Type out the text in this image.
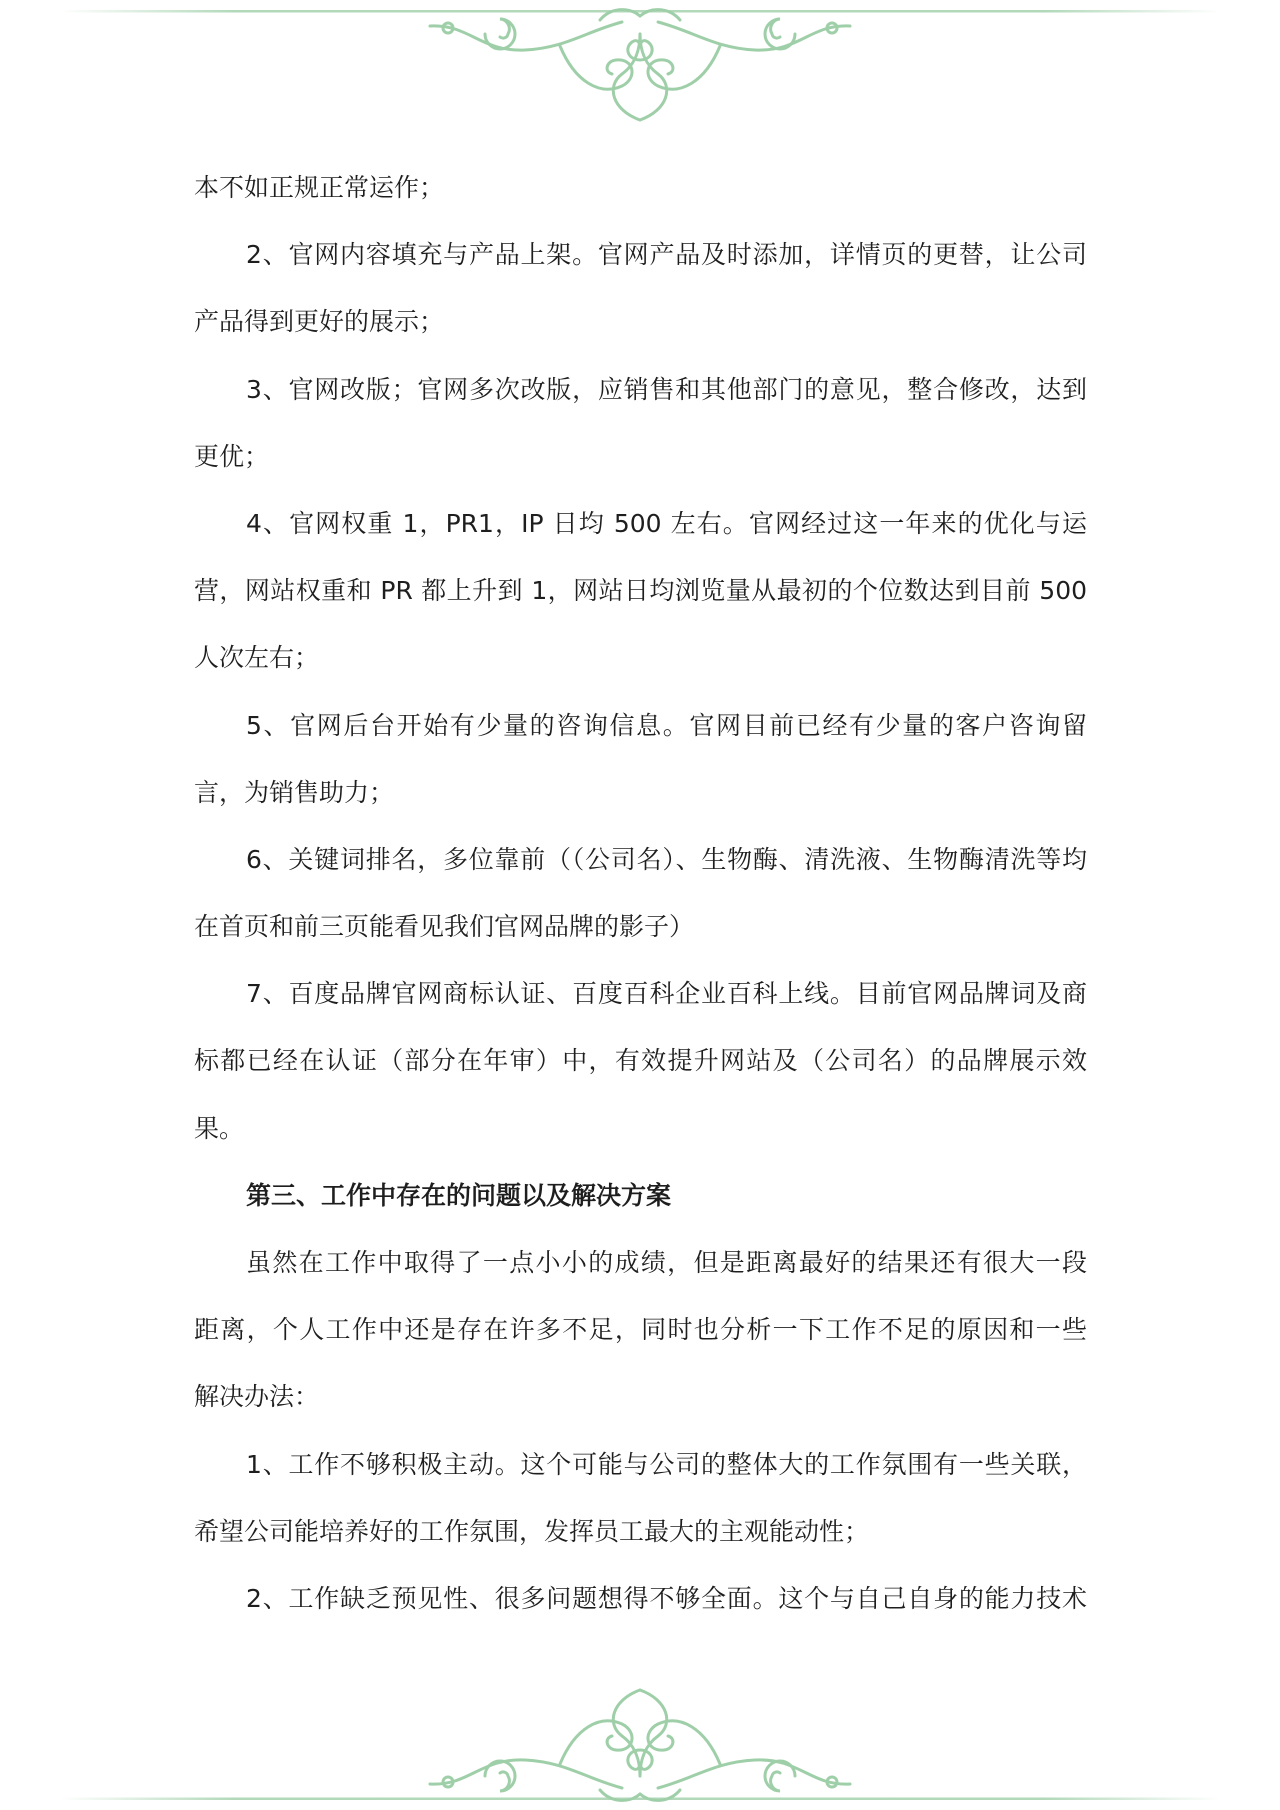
本不如正规正常运作；
2、官网内容填充与产品上架。官网产品及时添加，详情页的更替，让公司
产品得到更好的展示；
3、官网改版；官网多次改版，应销售和其他部门的意见，整合修改，达到
更优；
4、官网权重 1，PR1，IP 日均 500 左右。官网经过这一年来的优化与运
营，网站权重和 PR 都上升到 1，网站日均浏览量从最初的个位数达到目前 500
人次左右；
5、官网后台开始有少量的咨询信息。官网目前已经有少量的客户咨询留
言，为销售助力；
6、关键词排名，多位靠前（（公司名）、生物酶、清洗液、生物酶清洗等均
在首页和前三页能看见我们官网品牌的影子）
7、百度品牌官网商标认证、百度百科企业百科上线。目前官网品牌词及商
标都已经在认证（部分在年审）中，有效提升网站及（公司名）的品牌展示效
果。
第三、工作中存在的问题以及解决方案
虽然在工作中取得了一点小小的成绩，但是距离最好的结果还有很大一段
距离，个人工作中还是存在许多不足，同时也分析一下工作不足的原因和一些
解决办法：
1、工作不够积极主动。这个可能与公司的整体大的工作氛围有一些关联，
希望公司能培养好的工作氛围，发挥员工最大的主观能动性；
2、工作缺乏预见性、很多问题想得不够全面。这个与自己自身的能力技术
